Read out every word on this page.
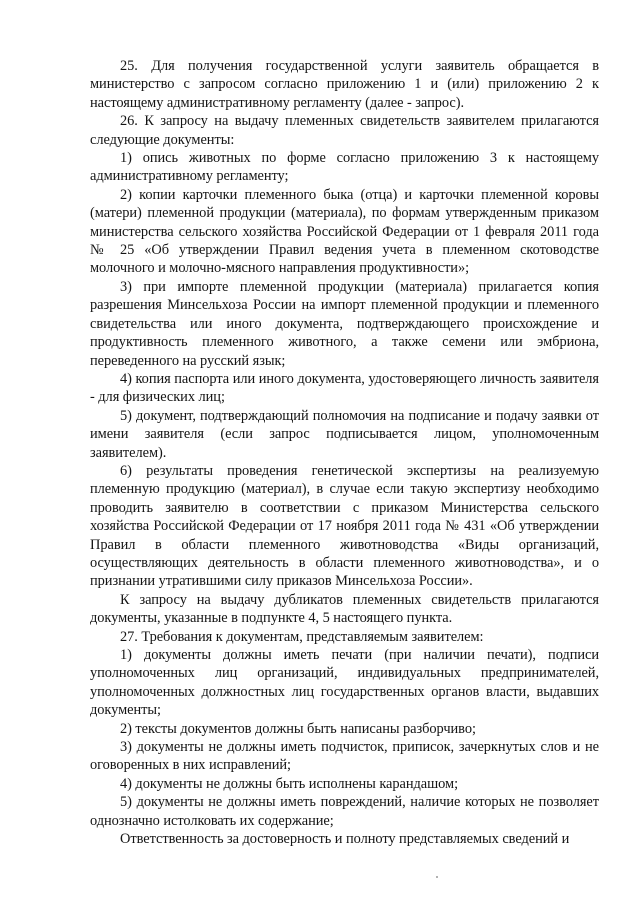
25. Для получения государственной услуги заявитель обращается в министерство с запросом согласно приложению 1 и (или) приложению 2 к настоящему административному регламенту (далее - запрос).

26. К запросу на выдачу племенных свидетельств заявителем прилагаются следующие документы:

1) опись животных по форме согласно приложению 3 к настоящему административному регламенту;

2) копии карточки племенного быка (отца) и карточки племенной коровы (матери) племенной продукции (материала), по формам утвержденным приказом министерства сельского хозяйства Российской Федерации от 1 февраля 2011 года № 25 «Об утверждении Правил ведения учета в племенном скотоводстве молочного и молочно-мясного направления продуктивности»;

3) при импорте племенной продукции (материала) прилагается копия разрешения Минсельхоза России на импорт племенной продукции и племенного свидетельства или иного документа, подтверждающего происхождение и продуктивность племенного животного, а также семени или эмбриона, переведенного на русский язык;

4) копия паспорта или иного документа, удостоверяющего личность заявителя - для физических лиц;

5) документ, подтверждающий полномочия на подписание и подачу заявки от имени заявителя (если запрос подписывается лицом, уполномоченным заявителем).

6) результаты проведения генетической экспертизы на реализуемую племенную продукцию (материал), в случае если такую экспертизу необходимо проводить заявителю в соответствии с приказом Министерства сельского хозяйства Российской Федерации от 17 ноября 2011 года № 431 «Об утверждении Правил в области племенного животноводства «Виды организаций, осуществляющих деятельность в области племенного животноводства», и о признании утратившими силу приказов Минсельхоза России».

К запросу на выдачу дубликатов племенных свидетельств прилагаются документы, указанные в подпункте 4, 5 настоящего пункта.

27. Требования к документам, представляемым заявителем:

1) документы должны иметь печати (при наличии печати), подписи уполномоченных лиц организаций, индивидуальных предпринимателей, уполномоченных должностных лиц государственных органов власти, выдавших документы;

2) тексты документов должны быть написаны разборчиво;

3) документы не должны иметь подчисток, приписок, зачеркнутых слов и не оговоренных в них исправлений;

4) документы не должны быть исполнены карандашом;

5) документы не должны иметь повреждений, наличие которых не позволяет однозначно истолковать их содержание;

Ответственность за достоверность и полноту представляемых сведений и
